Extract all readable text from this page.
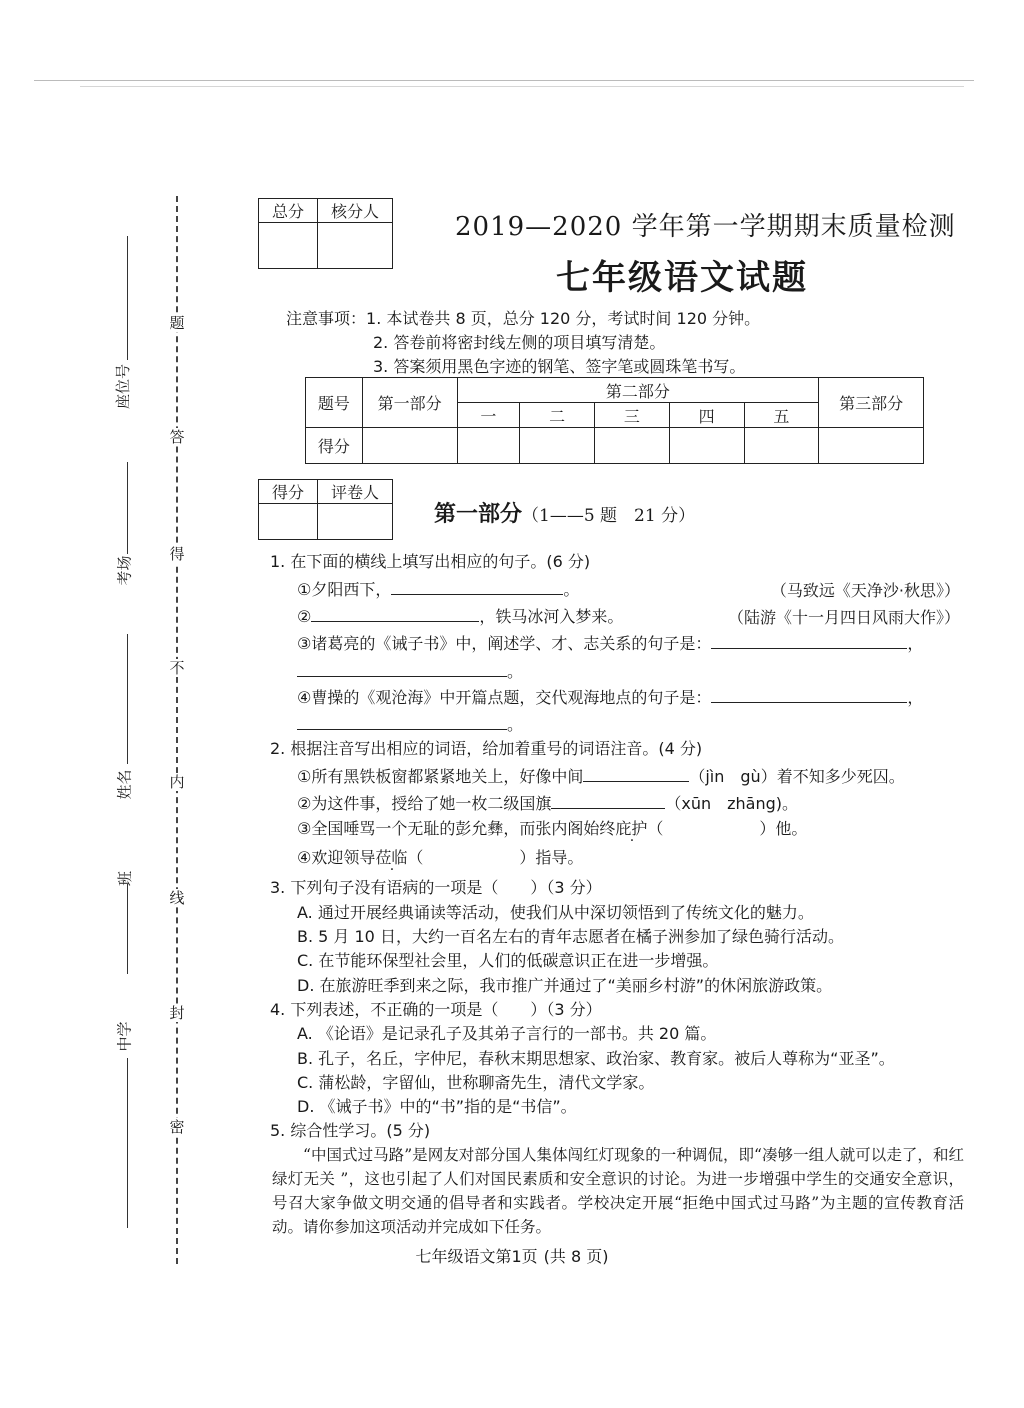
题
答
得
不
内
线
封
密
座位号
考场
姓名
班
中学
总分	核分人

2019—2020 学年第一学期期末质量检测
七年级语文试题
注意事项：1. 本试卷共 8 页，总分 120 分，考试时间 120 分钟。
2. 答卷前将密封线左侧的项目填写清楚。
3. 答案须用黑色字迹的钢笔、签字笔或圆珠笔书写。
题号	第一部分	第二部分					第三部分
		一	二	三	四	五	
得分							
得分	评卷人

第一部分（1——5 题　21 分）
1. 在下面的横线上填写出相应的句子。(6 分)
①夕阳西下，	。	（马致远《天净沙·秋思》）
②	，铁马冰河入梦来。	（陆游《十一月四日风雨大作》）
③诸葛亮的《诫子书》中，阐述学、才、志关系的句子是：	，
。
④曹操的《观沧海》中开篇点题，交代观海地点的句子是：	，
。
2. 根据注音写出相应的词语，给加着重号的词语注音。(4 分)
①所有黑铁板窗都紧紧地关上，好像中间	（jìn　gù）着不知多少死囚。
②为这件事，授给了她一枚二级国旗	（xūn　zhāng)。
③全国唾骂一个无耻的彭允彝，而张内阁始终庇护（　　　　　　）他。
④欢迎领导莅临（　　　　　　）指导。
3. 下列句子没有语病的一项是（　　）（3 分）
A. 通过开展经典诵读等活动，使我们从中深切领悟到了传统文化的魅力。
B. 5 月 10 日，大约一百名左右的青年志愿者在橘子洲参加了绿色骑行活动。
C. 在节能环保型社会里，人们的低碳意识正在进一步增强。
D. 在旅游旺季到来之际，我市推广并通过了“美丽乡村游”的休闲旅游政策。
4. 下列表述，不正确的一项是（　　）（3 分）
A. 《论语》是记录孔子及其弟子言行的一部书。共 20 篇。
B. 孔子，名丘，字仲尼，春秋末期思想家、政治家、教育家。被后人尊称为“亚圣”。
C. 蒲松龄，字留仙，世称聊斋先生，清代文学家。
D. 《诫子书》中的“书”指的是“书信”。
5. 综合性学习。(5 分)
“中国式过马路”是网友对部分国人集体闯红灯现象的一种调侃，即“凑够一组人就可以走了，和红绿灯无关 ”，这也引起了人们对国民素质和安全意识的讨论。为进一步增强中学生的交通安全意识，号召大家争做文明交通的倡导者和实践者。学校决定开展“拒绝中国式过马路”为主题的宣传教育活动。请你参加这项活动并完成如下任务。
七年级语文第1页 (共 8 页)
